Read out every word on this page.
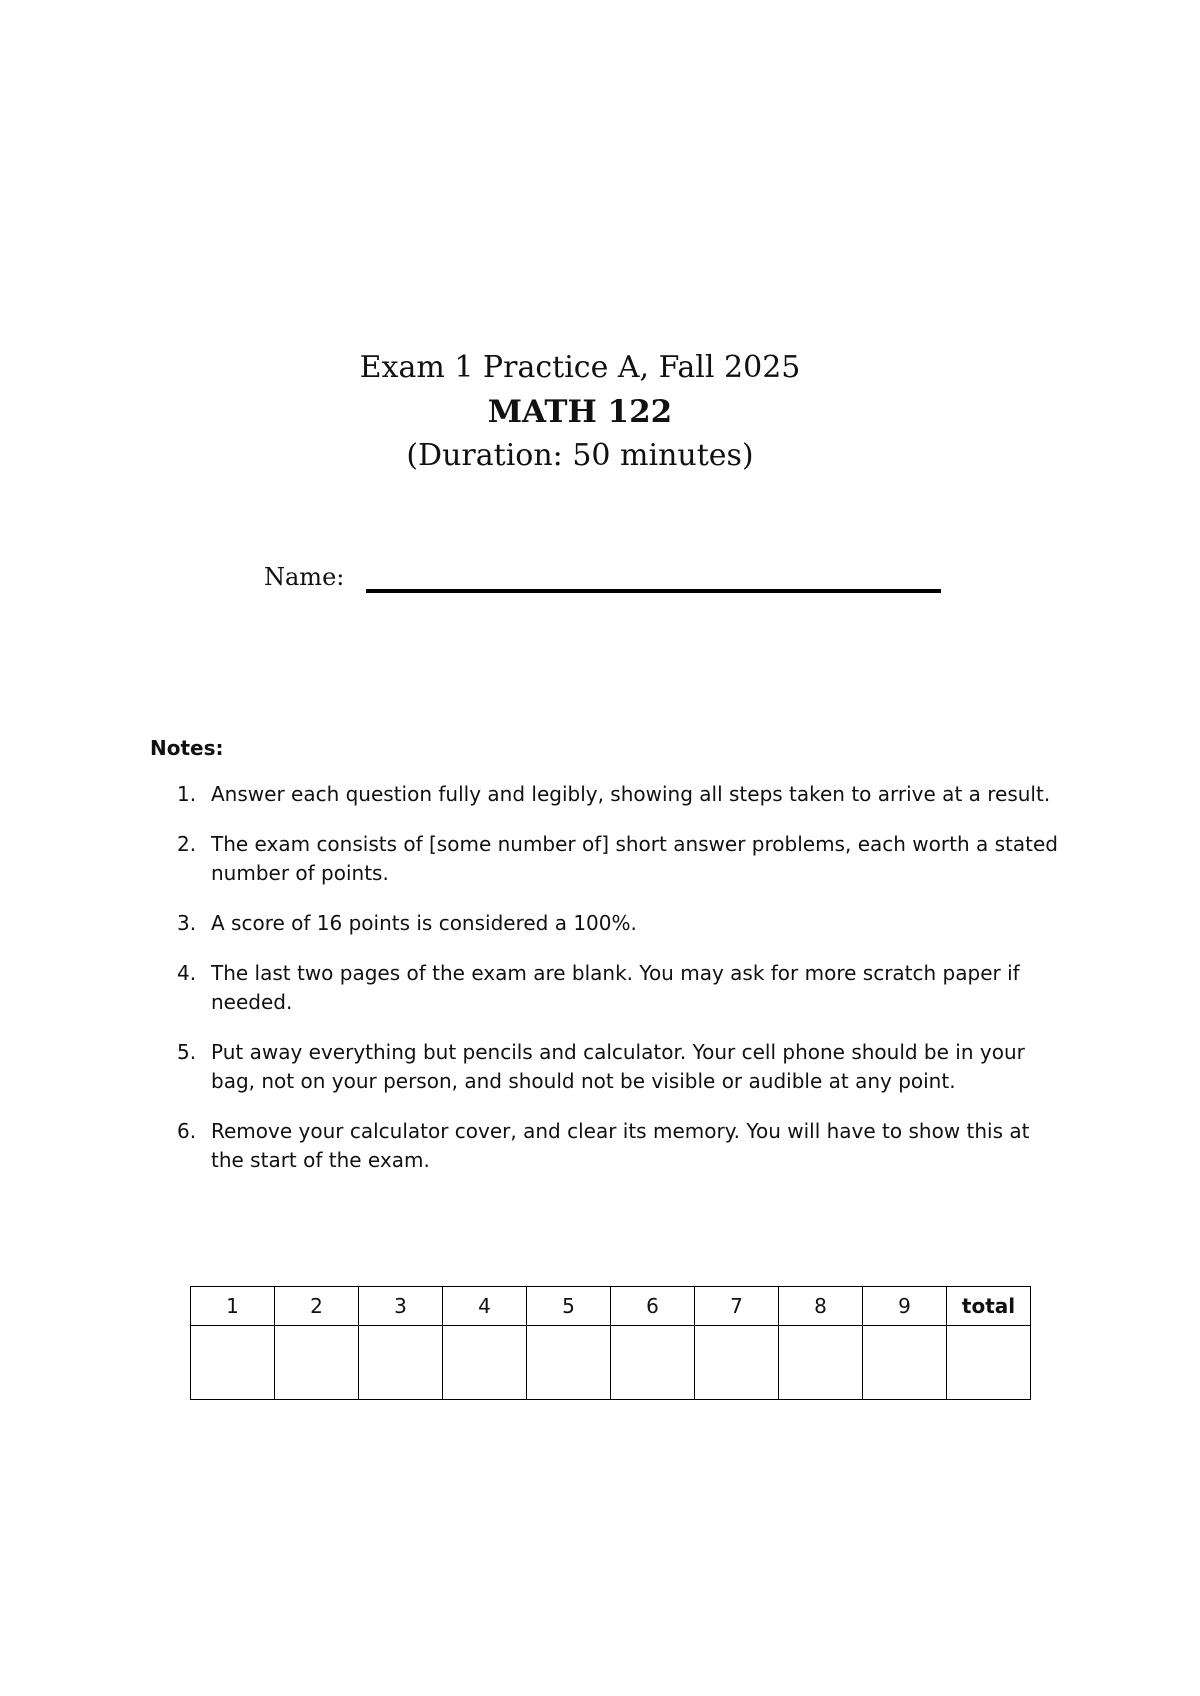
Exam 1 Practice A, Fall 2025
MATH 122
(Duration: 50 minutes)
Name:
Notes:
1. Answer each question fully and legibly, showing all steps taken to arrive at a result.
2. The exam consists of [some number of] short answer problems, each worth a stated number of points.
3. A score of 16 points is considered a 100%.
4. The last two pages of the exam are blank. You may ask for more scratch paper if needed.
5. Put away everything but pencils and calculator. Your cell phone should be in your bag, not on your person, and should not be visible or audible at any point.
6. Remove your calculator cover, and clear its memory. You will have to show this at the start of the exam.
1	2	3	4	5	6	7	8	9	total
